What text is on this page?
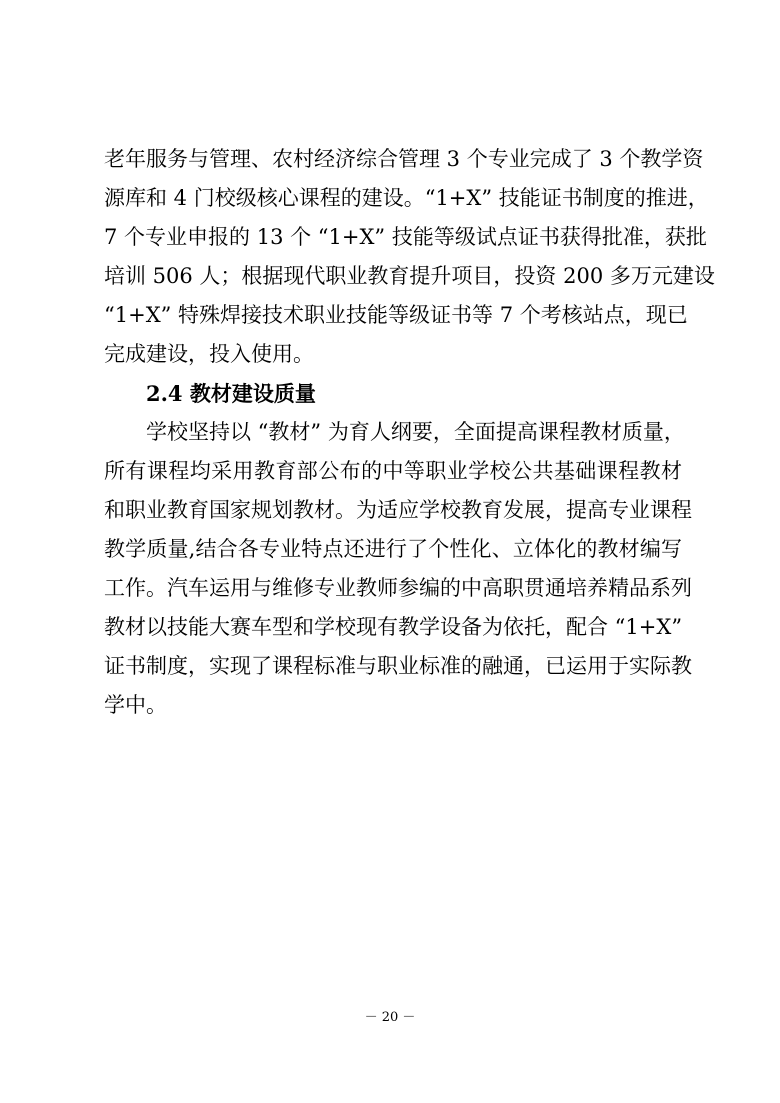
老年服务与管理、农村经济综合管理 3 个专业完成了 3 个教学资
源库和 4 门校级核心课程的建设。“1+X” 技能证书制度的推进，
7 个专业申报的 13 个 “1+X” 技能等级试点证书获得批准，获批
培训 506 人；根据现代职业教育提升项目，投资 200 多万元建设
“1+X” 特殊焊接技术职业技能等级证书等 7 个考核站点，现已
完成建设，投入使用。
2.4 教材建设质量
学校坚持以 “教材” 为育人纲要，全面提高课程教材质量，
所有课程均采用教育部公布的中等职业学校公共基础课程教材
和职业教育国家规划教材。为适应学校教育发展，提高专业课程
教学质量,结合各专业特点还进行了个性化、立体化的教材编写
工作。汽车运用与维修专业教师参编的中高职贯通培养精品系列
教材以技能大赛车型和学校现有教学设备为依托，配合 “1+X”
证书制度，实现了课程标准与职业标准的融通，已运用于实际教
学中。
－ 20 －
